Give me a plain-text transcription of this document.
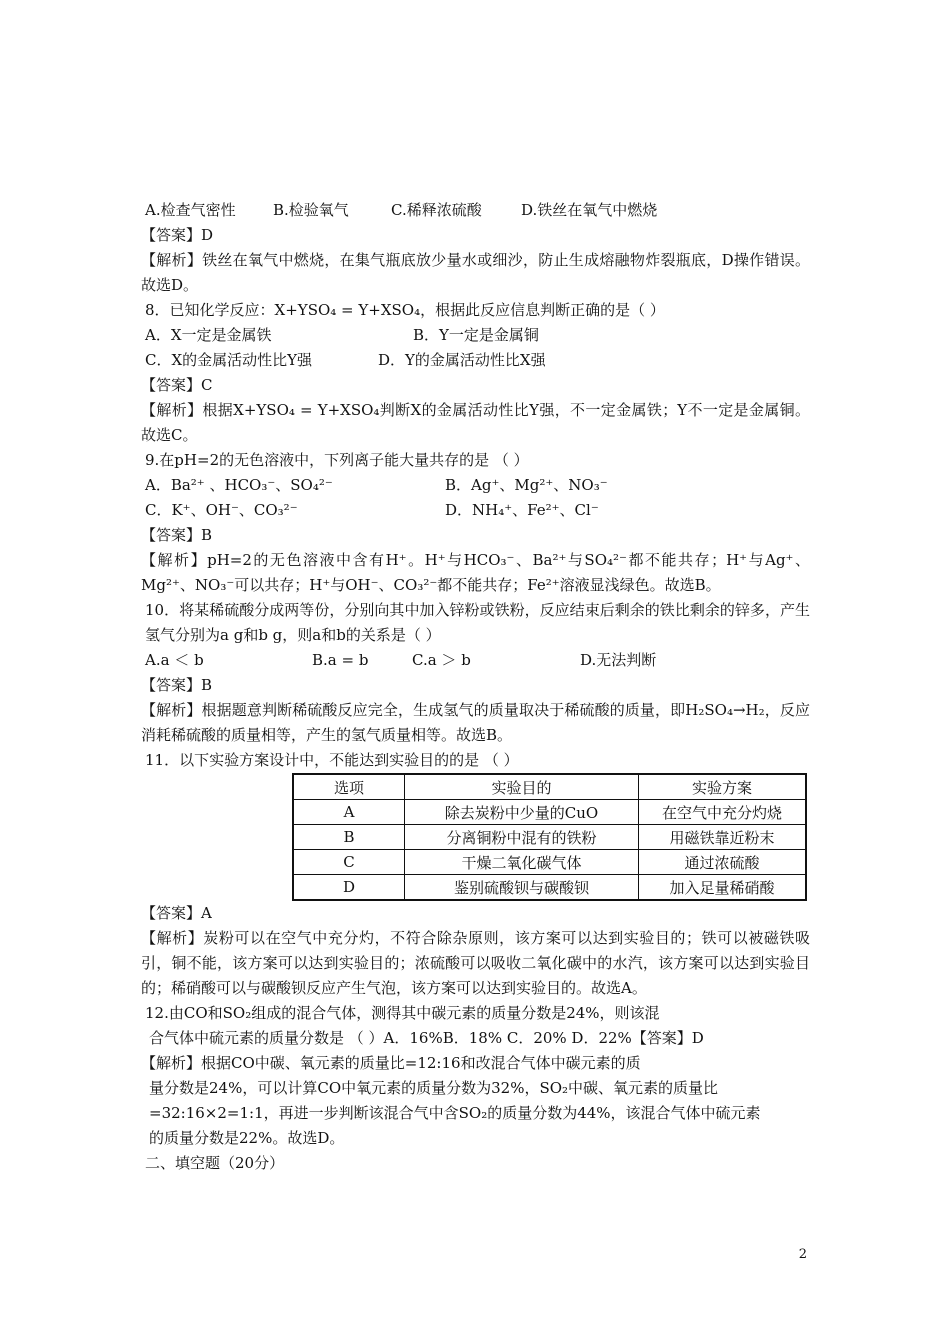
A.检查气密性 B.检验氧气	C.稀释浓硫酸	D.铁丝在氧气中燃烧
【答案】D
【解析】铁丝在氧气中燃烧，在集气瓶底放少量水或细沙，防止生成熔融物炸裂瓶底，D操作错误。故选D。
8．已知化学反应：X+YSO₄ = Y+XSO₄，根据此反应信息判断正确的是（ ）
A．X一定是金属铁	B．Y一定是金属铜
C．X的金属活动性比Y强	D．Y的金属活动性比X强
【答案】C
【解析】根据X+YSO₄ = Y+XSO₄判断X的金属活动性比Y强，不一定金属铁；Y不一定是金属铜。故选C。
9.在pH=2的无色溶液中，下列离子能大量共存的是 （ ）
A．Ba²⁺ 、HCO₃⁻、SO₄²⁻	B．Ag⁺、Mg²⁺、NO₃⁻
C．K⁺、OH⁻、CO₃²⁻	D．NH₄⁺、Fe²⁺、Cl⁻
【答案】B
【解析】pH=2的无色溶液中含有H⁺。H⁺与HCO₃⁻、Ba²⁺与SO₄²⁻都不能共存；H⁺与Ag⁺、Mg²⁺、NO₃⁻可以共存；H⁺与OH⁻、CO₃²⁻都不能共存；Fe²⁺溶液显浅绿色。故选B。
10．将某稀硫酸分成两等份，分别向其中加入锌粉或铁粉，反应结束后剩余的铁比剩余的锌多，产生氢气分别为a g和b g，则a和b的关系是（ ）
A.a ＜ b	B.a = b	C.a ＞ b	D.无法判断
【答案】B
【解析】根据题意判断稀硫酸反应完全，生成氢气的质量取决于稀硫酸的质量，即H₂SO₄→H₂，反应消耗稀硫酸的质量相等，产生的氢气质量相等。故选B。
11．以下实验方案设计中，不能达到实验目的的是 （ ）
选项	实验目的	实验方案
A	除去炭粉中少量的CuO	在空气中充分灼烧
B	分离铜粉中混有的铁粉	用磁铁靠近粉末
C	干燥二氧化碳气体	通过浓硫酸
D	鉴别硫酸钡与碳酸钡	加入足量稀硝酸
【答案】A
【解析】炭粉可以在空气中充分灼，不符合除杂原则，该方案可以达到实验目的；铁可以被磁铁吸引，铜不能，该方案可以达到实验目的；浓硫酸可以吸收二氧化碳中的水汽，该方案可以达到实验目的；稀硝酸可以与碳酸钡反应产生气泡，该方案可以达到实验目的。故选A。
12.由CO和SO₂组成的混合气体，测得其中碳元素的质量分数是24%，则该混
合气体中硫元素的质量分数是 （ ）A．16%B．18% C．20% D．22%【答案】D
【解析】根据CO中碳、氧元素的质量比=12:16和改混合气体中碳元素的质
量分数是24%，可以计算CO中氧元素的质量分数为32%，SO₂中碳、氧元素的质量比
=32:16×2=1:1，再进一步判断该混合气中含SO₂的质量分数为44%，该混合气体中硫元素
的质量分数是22%。故选D。
二、填空题（20分）
2
